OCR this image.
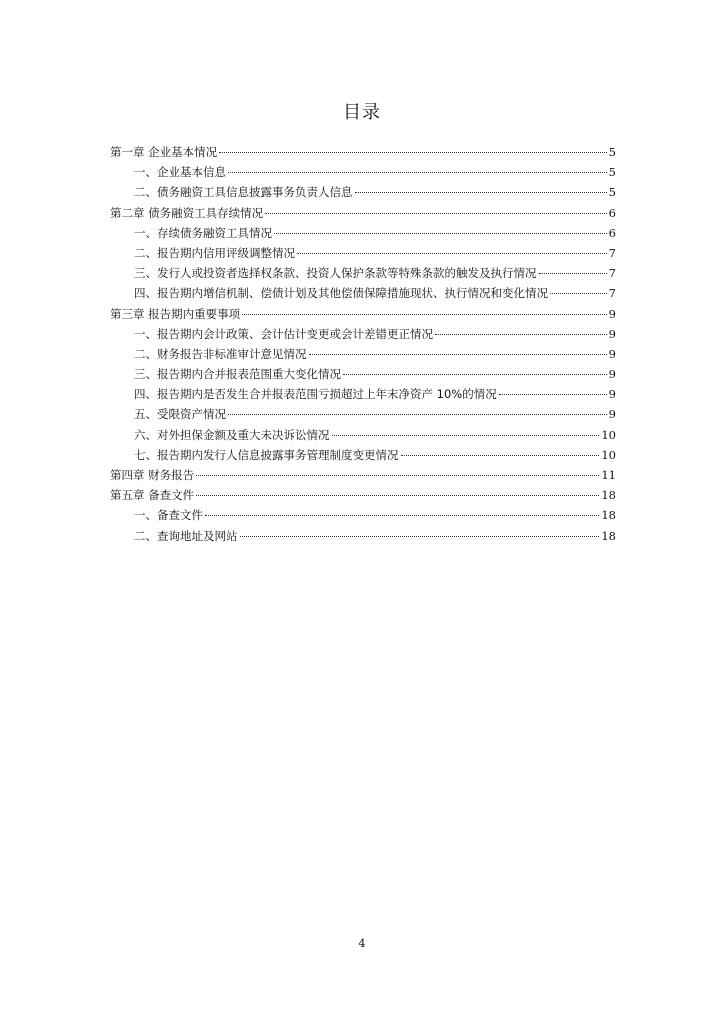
目录
第一章 企业基本情况	5
一、企业基本信息	5
二、债务融资工具信息披露事务负责人信息	5
第二章 债务融资工具存续情况	6
一、存续债务融资工具情况	6
二、报告期内信用评级调整情况	7
三、发行人或投资者选择权条款、投资人保护条款等特殊条款的触发及执行情况	7
四、报告期内增信机制、偿债计划及其他偿债保障措施现状、执行情况和变化情况	7
第三章 报告期内重要事项	9
一、报告期内会计政策、会计估计变更或会计差错更正情况	9
二、财务报告非标准审计意见情况	9
三、报告期内合并报表范围重大变化情况	9
四、报告期内是否发生合并报表范围亏损超过上年末净资产 10%的情况	9
五、受限资产情况	9
六、对外担保金额及重大未决诉讼情况	10
七、报告期内发行人信息披露事务管理制度变更情况	10
第四章 财务报告	11
第五章 备查文件	18
一、备查文件	18
二、查询地址及网站	18
4
